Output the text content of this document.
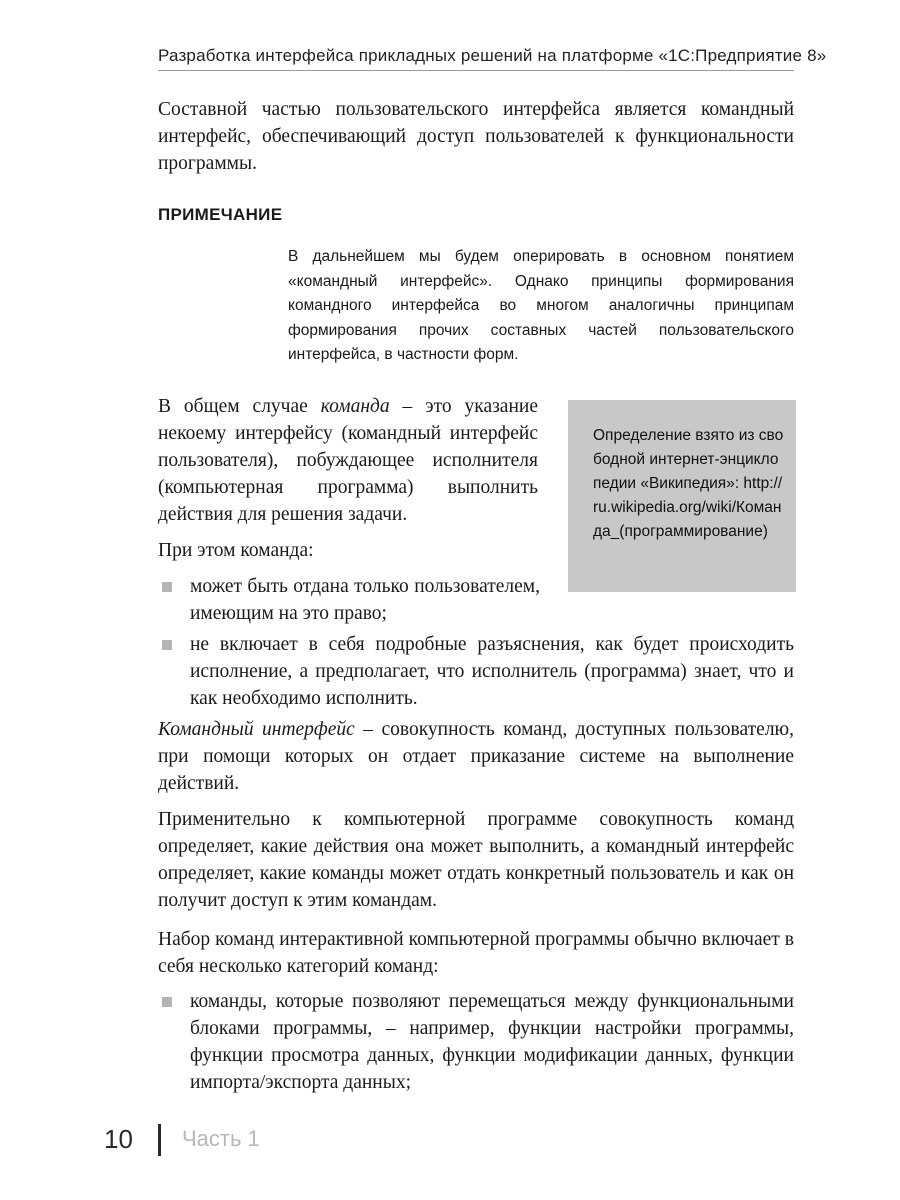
Разработка интерфейса прикладных решений на платформе «1С:Предприятие 8»

Составной частью пользовательского интерфейса является командный интерфейс, обеспечивающий доступ пользователей к функциональности программы.

ПРИМЕЧАНИЕ

В дальнейшем мы будем оперировать в основном понятием «командный интерфейс». Однако принципы формирования командного интерфейса во многом аналогичны принципам формирования прочих составных частей пользовательского интерфейса, в частности форм.

В общем случае команда – это указание некоему интерфейсу (командный интерфейс пользователя), побуждающее исполнителя (компьютерная программа) выполнить действия для решения задачи.

Определение взято из свободной интернет-энциклопедии «Википедия»: http://ru.wikipedia.org/wiki/Команда_(программирование)

При этом команда:

может быть отдана только пользователем, имеющим на это право;

не включает в себя подробные разъяснения, как будет происходить исполнение, а предполагает, что исполнитель (программа) знает, что и как необходимо исполнить.

Командный интерфейс – совокупность команд, доступных пользователю, при помощи которых он отдает приказание системе на выполнение действий.

Применительно к компьютерной программе совокупность команд определяет, какие действия она может выполнить, а командный интерфейс определяет, какие команды может отдать конкретный пользователь и как он получит доступ к этим командам.

Набор команд интерактивной компьютерной программы обычно включает в себя несколько категорий команд:

команды, которые позволяют перемещаться между функциональными блоками программы, – например, функции настройки программы, функции просмотра данных, функции модификации данных, функции импорта/экспорта данных;

10 Часть 1
